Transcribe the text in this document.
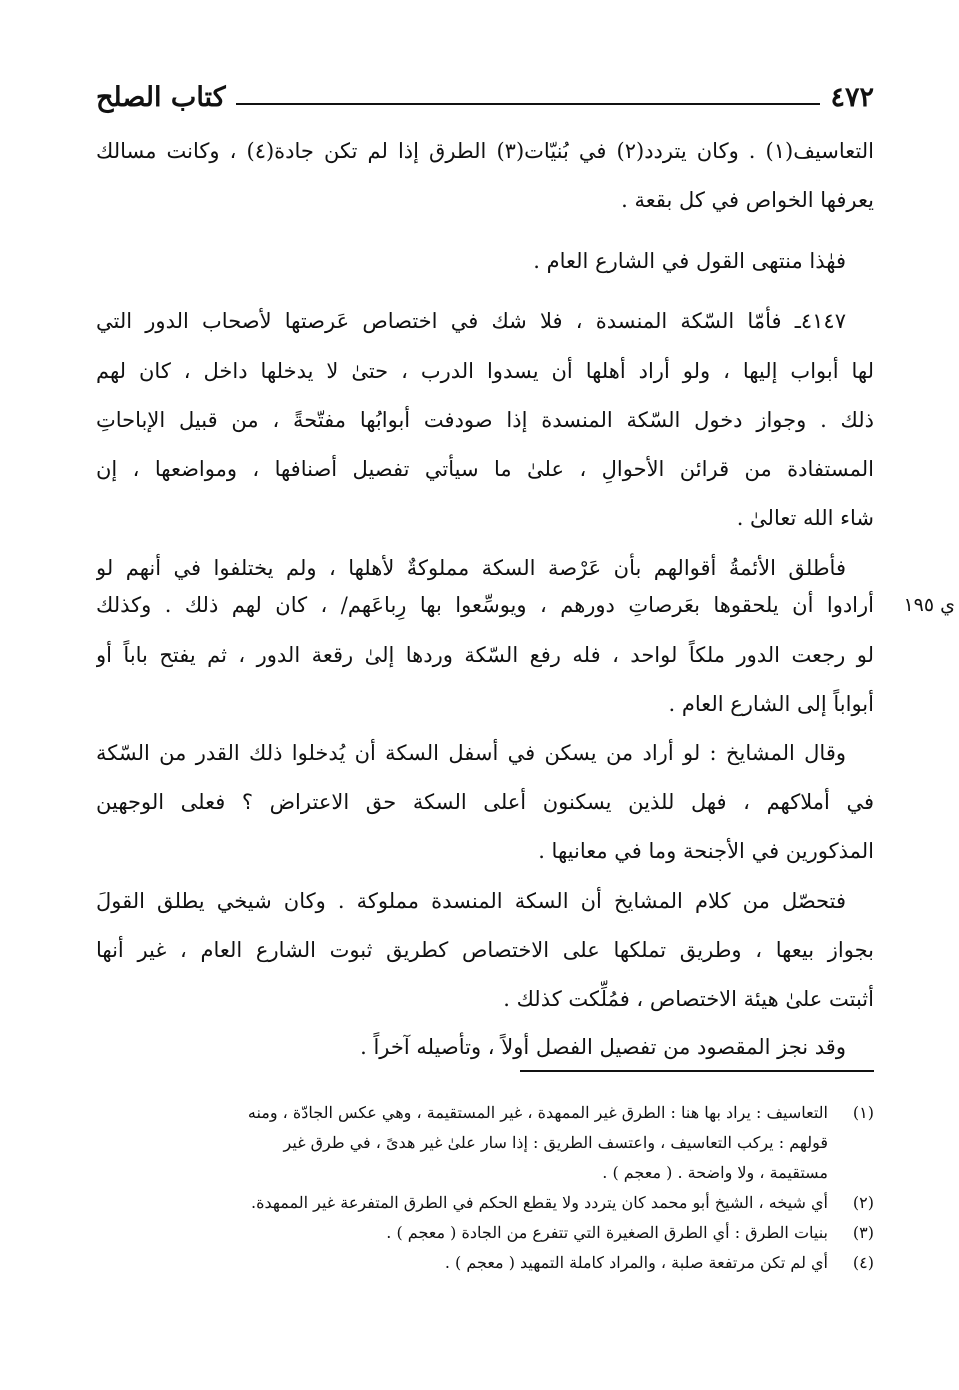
٤٧٢
كتاب الصلح
التعاسيف(١) . وكان يتردد(٢) في بُنيّات(٣) الطرق إذا لم تكن جادة(٤) ، وكانت مسالك
يعرفها الخواص في كل بقعة .
فهٰذا منتهى القول في الشارع العام .
٤١٤٧ـ فأمّا السّكة المنسدة ، فلا شك في اختصاص عَرصتها لأصحاب الدور التي
لها أبواب إليها ، ولو أراد أهلها أن يسدوا الدرب ، حتىٰ لا يدخلها داخل ، كان لهم
ذلك . وجواز دخول السّكة المنسدة إذا صودفت أبوابُها مفتّحةً ، من قبيل الإباحاتِ
المستفادة من قرائن الأحوالِ ، علىٰ ما سيأتي تفصيل أصنافها ، ومواضعها ، إن
شاء الله تعالىٰ .
فأطلق الأئمةُ أقوالهم بأن عَرْصة السكة مملوكةٌ لأهلها ، ولم يختلفوا في أنهم لو
ي ١٩٥
أرادوا أن يلحقوها بعَرصاتِ دورهم ، ويوسِّعوا بها رِباعَهم/ ، كان لهم ذلك . وكذلك
لو رجعت الدور ملكاً لواحد ، فله رفع السّكة وردها إلىٰ رقعة الدور ، ثم يفتح باباً أو
أبواباً إلى الشارع العام .
وقال المشايخ : لو أراد من يسكن في أسفل السكة أن يُدخلوا ذلك القدر من السّكة
في أملاكهم ، فهل للذين يسكنون أعلى السكة حق الاعتراض ؟ فعلى الوجهين
المذكورين في الأجنحة وما في معانيها .
فتحصّل من كلام المشايخ أن السكة المنسدة مملوكة . وكان شيخي يطلق القولَ
بجواز بيعها ، وطريق تملكها على الاختصاص كطريق ثبوت الشارع العام ، غير أنها
أثبتت علىٰ هيئة الاختصاص ، فمُلِّكت كذلك .
وقد نجز المقصود من تفصيل الفصل أولاً ، وتأصيله آخراً .
(١)التعاسيف : يراد بها هنا : الطرق غير الممهدة ، غير المستقيمة ، وهي عكس الجادّة ، ومنه
قولهم : يركب التعاسيف ، واعتسف الطريق : إذا سار علىٰ غير هدىً ، في طرق غير
مستقيمة ، ولا واضحة . ( معجم ) .
(٢)أي شيخه ، الشيخ أبو محمد كان يتردد ولا يقطع الحكم في الطرق المتفرعة غير الممهدة.
(٣)بنيات الطرق : أي الطرق الصغيرة التي تتفرع من الجادة ( معجم ) .
(٤)أي لم تكن مرتفعة صلبة ، والمراد كاملة التمهيد ( معجم ) .
